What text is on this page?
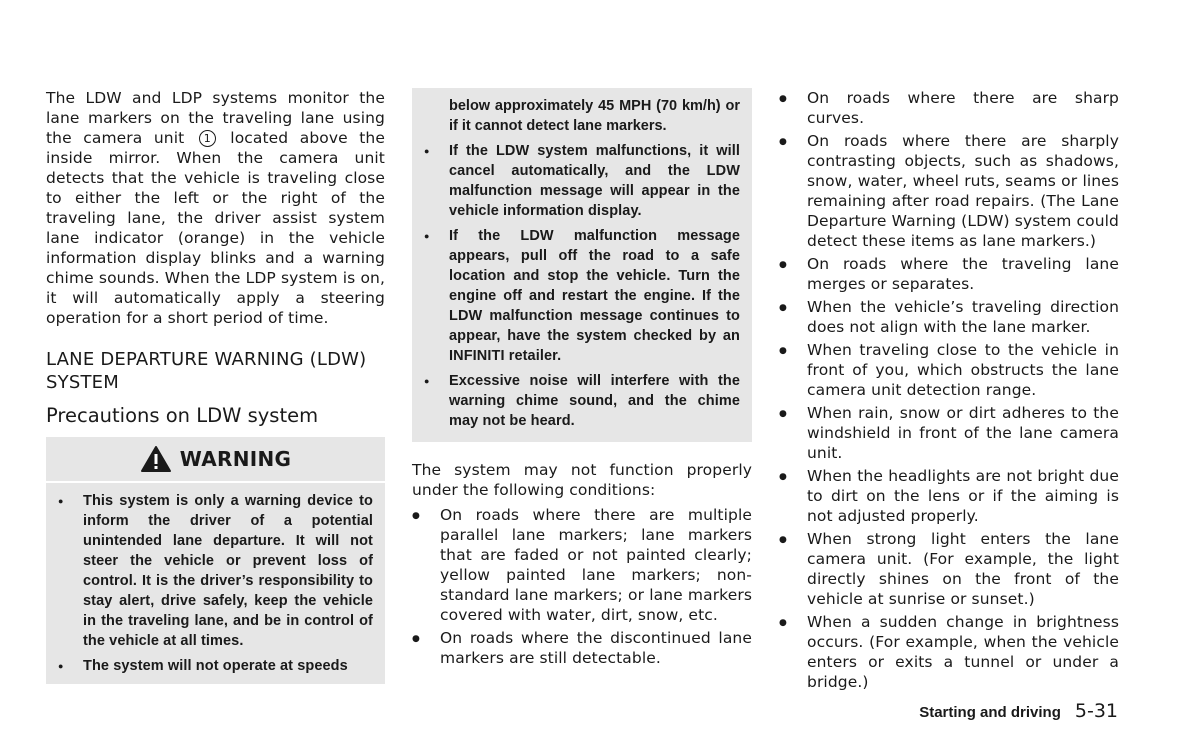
The LDW and LDP systems monitor the lane markers on the traveling lane using the camera unit 1 located above the inside mirror. When the camera unit detects that the vehicle is traveling close to either the left or the right of the traveling lane, the driver assist system lane indicator (orange) in the vehicle information display blinks and a warning chime sounds. When the LDP system is on, it will automatically apply a steering operation for a short period of time.

LANE DEPARTURE WARNING (LDW) SYSTEM
Precautions on LDW system
WARNING
● This system is only a warning device to inform the driver of a potential unintended lane departure. It will not steer the vehicle or prevent loss of control. It is the driver’s responsibility to stay alert, drive safely, keep the vehicle in the traveling lane, and be in control of the vehicle at all times.
● The system will not operate at speeds
below approximately 45 MPH (70 km/h) or if it cannot detect lane markers.
● If the LDW system malfunctions, it will cancel automatically, and the LDW malfunction message will appear in the vehicle information display.
● If the LDW malfunction message appears, pull off the road to a safe location and stop the vehicle. Turn the engine off and restart the engine. If the LDW malfunction message continues to appear, have the system checked by an INFINITI retailer.
● Excessive noise will interfere with the warning chime sound, and the chime may not be heard.

The system may not function properly under the following conditions:

● On roads where there are multiple parallel lane markers; lane markers that are faded or not painted clearly; yellow painted lane markers; non-standard lane markers; or lane markers covered with water, dirt, snow, etc.
● On roads where the discontinued lane markers are still detectable.
● On roads where there are sharp curves.
● On roads where there are sharply contrasting objects, such as shadows, snow, water, wheel ruts, seams or lines remaining after road repairs. (The Lane Departure Warning (LDW) system could detect these items as lane markers.)
● On roads where the traveling lane merges or separates.
● When the vehicle’s traveling direction does not align with the lane marker.
● When traveling close to the vehicle in front of you, which obstructs the lane camera unit detection range.
● When rain, snow or dirt adheres to the windshield in front of the lane camera unit.
● When the headlights are not bright due to dirt on the lens or if the aiming is not adjusted properly.
● When strong light enters the lane camera unit. (For example, the light directly shines on the front of the vehicle at sunrise or sunset.)
● When a sudden change in brightness occurs. (For example, when the vehicle enters or exits a tunnel or under a bridge.)
Starting and driving 5-31
